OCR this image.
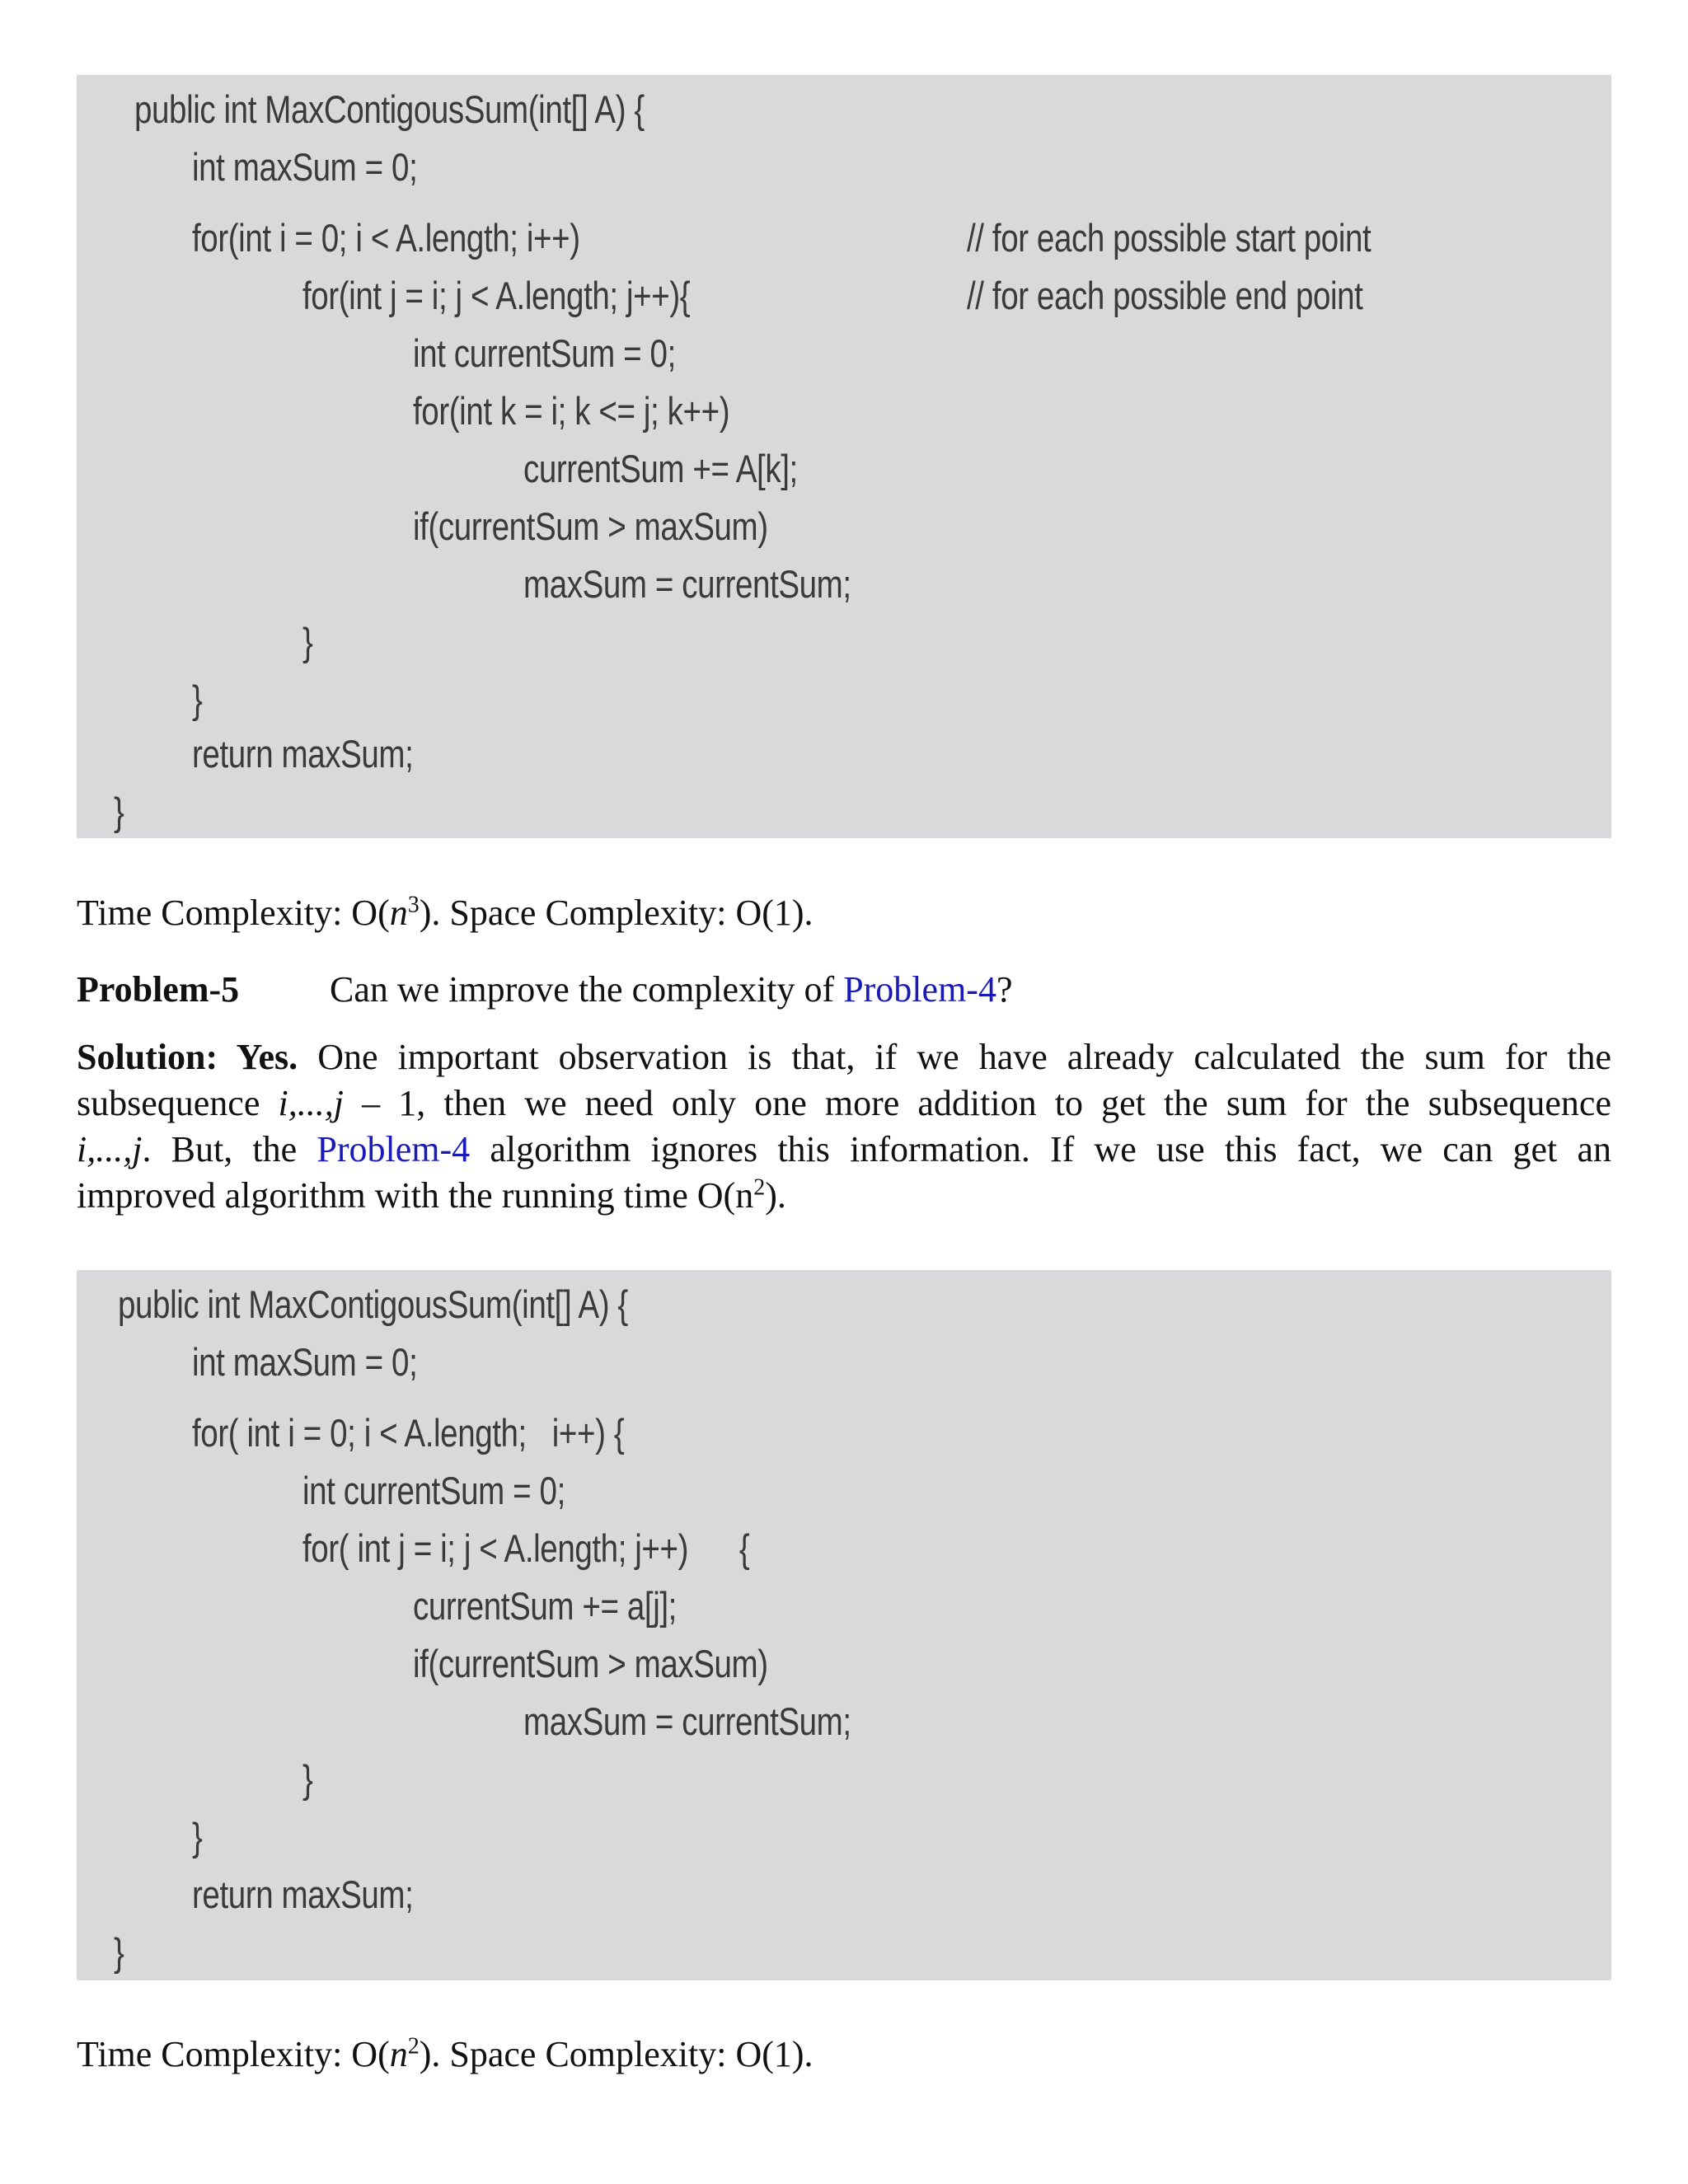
public int MaxContigousSum(int[] A) {
int maxSum = 0;
for(int i = 0; i < A.length; i++)
for(int j = i; j < A.length; j++){
int currentSum = 0;
for(int k = i; k <= j; k++)
currentSum += A[k];
if(currentSum > maxSum)
maxSum = currentSum;
}
}
return maxSum;
}
// for each possible start point
// for each possible end point
Time Complexity: $O(n^3)$. Space Complexity: O(1).
Problem-5 Can we improve the complexity of Problem-4?
Solution: Yes. One important observation is that, if we have already calculated the sum for the
subsequence i,...,j – 1, then we need only one more addition to get the sum for the subsequence
i,...,j. But, the Problem-4 algorithm ignores this information. If we use this fact, we can get an
improved algorithm with the running time $O(n^2)$.
public int MaxContigousSum(int[] A) {
int maxSum = 0;
for( int i = 0; i < A.length;   i++) {
int currentSum = 0;
for( int j = i; j < A.length; j++)      {
currentSum += a[j];
if(currentSum > maxSum)
maxSum = currentSum;
}
}
return maxSum;
}
Time Complexity: $O(n^2)$. Space Complexity: O(1).
